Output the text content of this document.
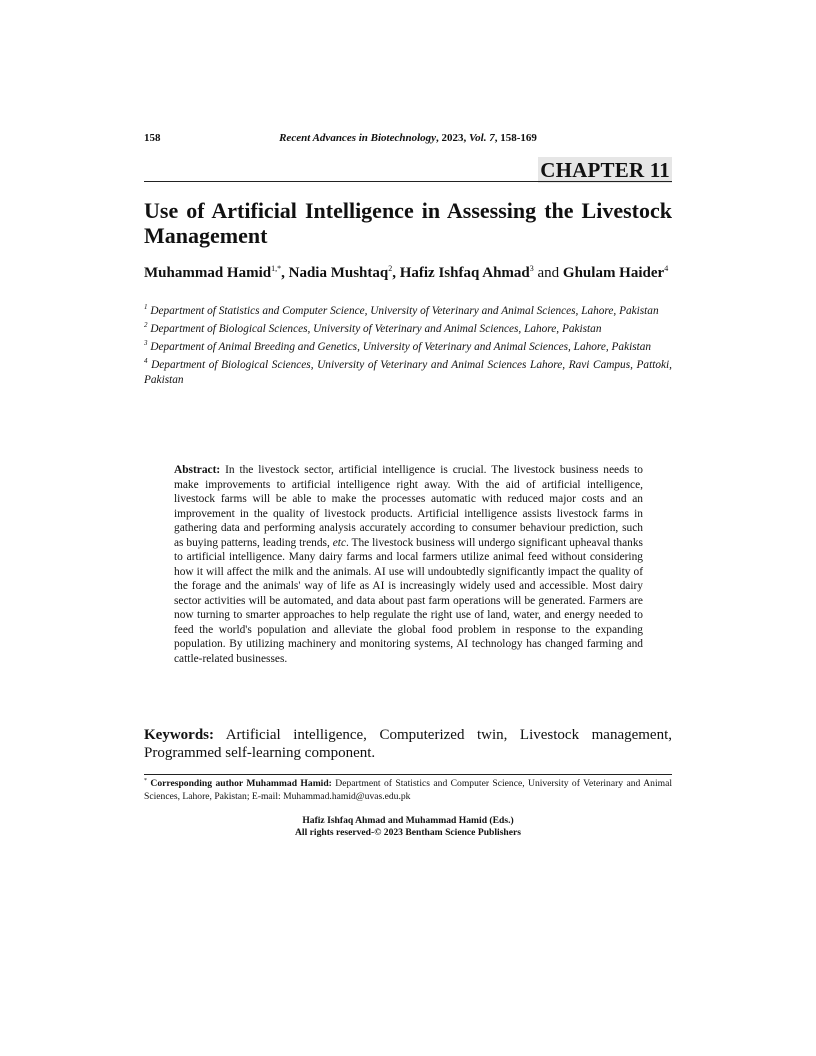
158	Recent Advances in Biotechnology, 2023, Vol. 7, 158-169
CHAPTER 11
Use of Artificial Intelligence in Assessing the Livestock Management
Muhammad Hamid$^{1,*}$, Nadia Mushtaq$^2$, Hafiz Ishfaq Ahmad$^3$ and Ghulam Haider$^4$
$^1$ Department of Statistics and Computer Science, University of Veterinary and Animal Sciences, Lahore, Pakistan
$^2$ Department of Biological Sciences, University of Veterinary and Animal Sciences, Lahore, Pakistan
$^3$ Department of Animal Breeding and Genetics, University of Veterinary and Animal Sciences, Lahore, Pakistan
$^4$ Department of Biological Sciences, University of Veterinary and Animal Sciences Lahore, Ravi Campus, Pattoki, Pakistan
Abstract: In the livestock sector, artificial intelligence is crucial. The livestock business needs to make improvements to artificial intelligence right away. With the aid of artificial intelligence, livestock farms will be able to make the processes automatic with reduced major costs and an improvement in the quality of livestock products. Artificial intelligence assists livestock farms in gathering data and performing analysis accurately according to consumer behaviour prediction, such as buying patterns, leading trends, etc. The livestock business will undergo significant upheaval thanks to artificial intelligence. Many dairy farms and local farmers utilize animal feed without considering how it will affect the milk and the animals. AI use will undoubtedly significantly impact the quality of the forage and the animals' way of life as AI is increasingly widely used and accessible. Most dairy sector activities will be automated, and data about past farm operations will be generated. Farmers are now turning to smarter approaches to help regulate the right use of land, water, and energy needed to feed the world's population and alleviate the global food problem in response to the expanding population. By utilizing machinery and monitoring systems, AI technology has changed farming and cattle-related businesses.
Keywords: Artificial intelligence, Computerized twin, Livestock management, Programmed self-learning component.
* Corresponding author Muhammad Hamid: Department of Statistics and Computer Science, University of Veterinary and Animal Sciences, Lahore, Pakistan; E-mail: Muhammad.hamid@uvas.edu.pk
Hafiz Ishfaq Ahmad and Muhammad Hamid (Eds.)
All rights reserved-© 2023 Bentham Science Publishers
